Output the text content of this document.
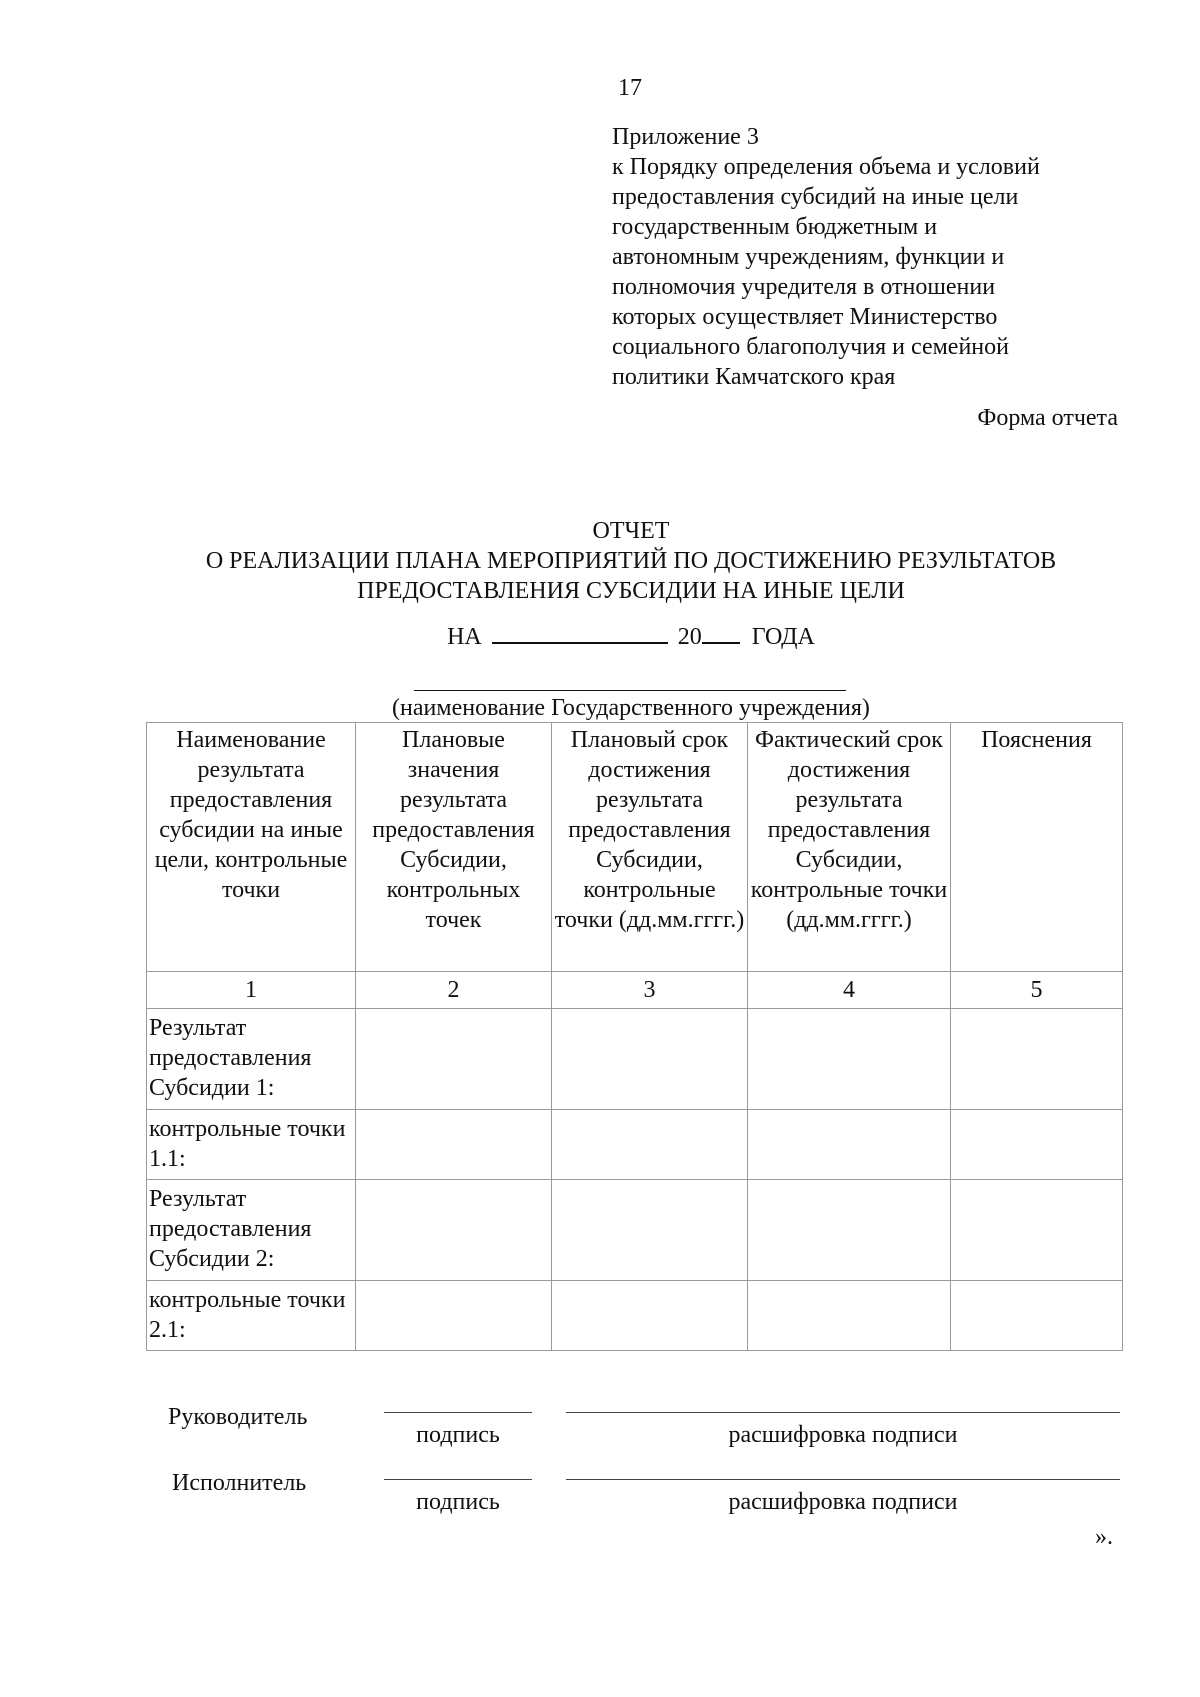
17
Приложение 3
к Порядку определения объема и условий
предоставления субсидий на иные цели
государственным бюджетным и
автономным учреждениям, функции и
полномочия учредителя в отношении
которых осуществляет Министерство
социального благополучия и семейной
политики Камчатского края
Форма отчета
ОТЧЕТ
О РЕАЛИЗАЦИИ ПЛАНА МЕРОПРИЯТИЙ ПО ДОСТИЖЕНИЮ РЕЗУЛЬТАТОВ
ПРЕДОСТАВЛЕНИЯ СУБСИДИИ НА ИНЫЕ ЦЕЛИ
НА	20 ГОДА
(наименование Государственного учреждения)
Наименование результата предоставления субсидии на иные цели, контрольные точки	Плановые значения результата предоставления Субсидии, контрольных точек	Плановый срок достижения результата предоставления Субсидии, контрольные точки (дд.мм.гггг.)	Фактический срок достижения результата предоставления Субсидии, контрольные точки (дд.мм.гггг.)	Пояснения
1	2	3	4	5
Результат предоставления Субсидии 1:				
контрольные точки 1.1:				
Результат предоставления Субсидии 2:				
контрольные точки 2.1:				
Руководитель
подпись	расшифровка подписи
Исполнитель
подпись	расшифровка подписи
».
